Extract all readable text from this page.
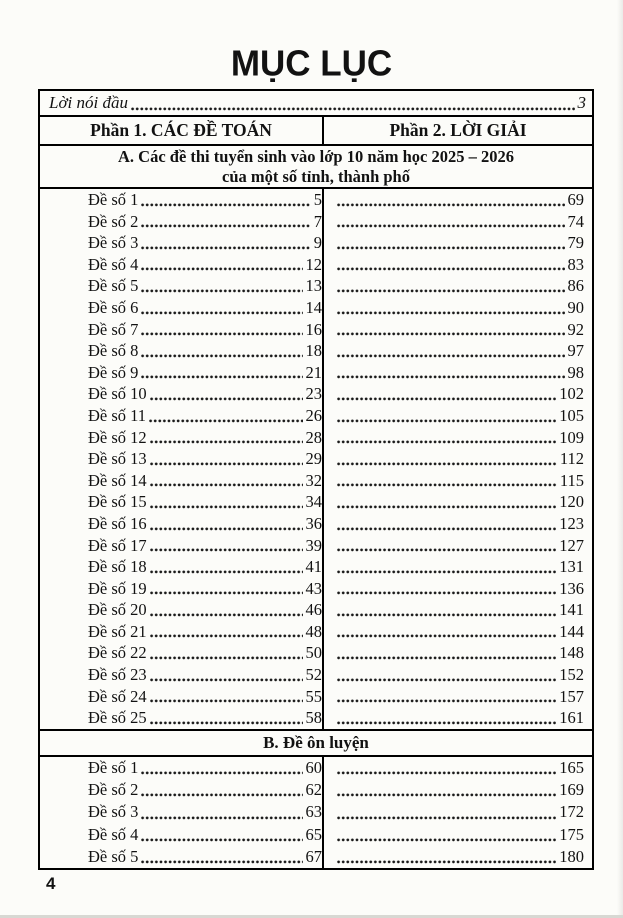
MỤC LỤC
Lời nói đầu	3
Phần 1. CÁC ĐỀ TOÁN	Phần 2. LỜI GIẢI
A. Các đề thi tuyển sinh vào lớp 10 năm học 2025 – 2026
của một số tỉnh, thành phố
Đề số 1	5	69
Đề số 2	7	74
Đề số 3	9	79
Đề số 4	12	83
Đề số 5	13	86
Đề số 6	14	90
Đề số 7	16	92
Đề số 8	18	97
Đề số 9	21	98
Đề số 10	23	102
Đề số 11	26	105
Đề số 12	28	109
Đề số 13	29	112
Đề số 14	32	115
Đề số 15	34	120
Đề số 16	36	123
Đề số 17	39	127
Đề số 18	41	131
Đề số 19	43	136
Đề số 20	46	141
Đề số 21	48	144
Đề số 22	50	148
Đề số 23	52	152
Đề số 24	55	157
Đề số 25	58	161
B. Đề ôn luyện
Đề số 1	60	165
Đề số 2	62	169
Đề số 3	63	172
Đề số 4	65	175
Đề số 5	67	180
4
